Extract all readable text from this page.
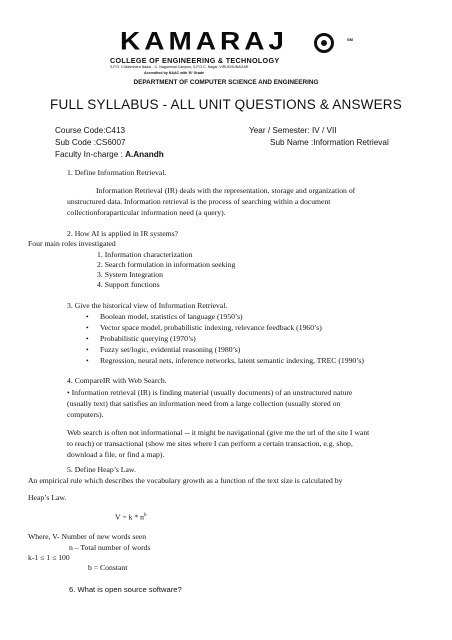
KAMARAJ	SM
COLLEGE OF ENGINEERING & TECHNOLOGY
S.P.G. Chidambara Nadar - C. Nagammal Campus, S.P.G.C. Nagar, VIRUDHUNAGAR
Accredited by NAAC with 'B' Grade
DEPARTMENT OF COMPUTER SCIENCE AND ENGINEERING
FULL SYLLABUS - ALL UNIT QUESTIONS & ANSWERS
Course Code:C413
Sub Code :CS6007
Faculty In-charge : A.Anandh
Year / Semester: IV / VII
Sub Name :Information Retrieval
1. Define Information Retrieval.
Information Retrieval (IR) deals with the representation, storage and organization of
unstructured data. Information retrieval is the process of searching within a document
collectionforaparticular information need (a query).
2. How AI is applied in IR systems?
Four main roles investigated
1. Information characterization
2. Search formulation in information seeking
3. System Integration
4. Support functions
3. Give the historical view of Information Retrieval.
• Boolean model, statistics of language (1950’s)
• Vector space model, probabilistic indexing, relevance feedback (1960’s)
• Probabilistic querying (1970’s)
• Fuzzy set/logic, evidential reasoning (1980’s)
• Regression, neural nets, inference networks, latent semantic indexing, TREC (1990’s)
4. CompareIR with Web Search.
• Information retrieval (IR) is finding material (usually documents) of an unstructured nature
(usually text) that satisfies an information need from a large collection (usually stored on
computers).
Web search is often not informational -- it might be navigational (give me the url of the site I want
to reach) or transactional (show me sites where I can perform a certain transaction, e.g. shop,
download a file, or find a map).
5. Define Heap’s Law.
An empirical rule which describes the vocabulary growth as a function of the text size is calculated by
Heap’s Law.
$V = k * n^b$
Where, V- Number of new words seen
n – Total number of words
k-1 ≤ 1 ≤ 100
b = Constant
6. What is open source software?
